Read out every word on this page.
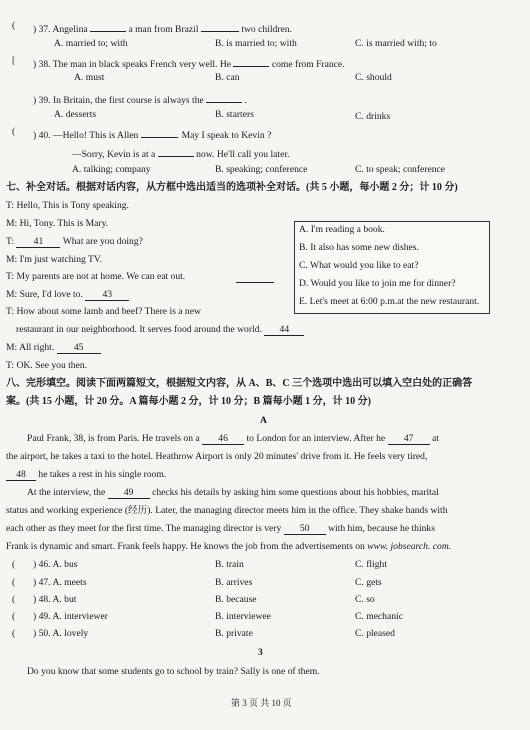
( ) 37. Angelina	a man from Brazil	two children.
A. married to; with	B. is married to; with	C. is married with; to
[ ) 38. The man in black speaks French very well. He	come from France.
A. must	B. can	C. should
) 39. In Britain, the first course is always the	.
A. desserts	B. starters	C. drinks
( ) 40. —Hello! This is Allen	. May I speak to Kevin ?
—Sorry, Kevin is at a	now. He'll call you later.
A. talking; company	B. speaking; conference	C. to speak; conference
七、补全对话。根据对话内容，从方框中选出适当的选项补全对话。(共 5 小题，每小题 2 分；计 10 分)
T: Hello, This is Tony speaking.
M: Hi, Tony. This is Mary.
T: 41 What are you doing?
M: I'm just watching TV.
T: My parents are not at home. We can eat out.
M: Sure, I'd love to. 43
T: How about some lamb and beef? There is a new
restaurant in our neighborhood. It serves food around the world. 44
M: All right. 45
T: OK. See you then.
A. I'm reading a book.
B. It also has some new dishes.
C. What would you like to eat?
D. Would you like to join me for dinner?
E. Let's meet at 6:00 p.m.at the new restaurant.
八、完形填空。阅读下面两篇短文，根据短文内容，从 A、B、C 三个选项中选出可以填入空白处的正确答
案。(共 15 小题，计 20 分。A 篇每小题 2 分，计 10 分；B 篇每小题 1 分，计 10 分)
A
Paul Frank, 38, is from Paris. He travels on a 46 to London for an interview. After he 47 at
the airport, he takes a taxi to the hotel. Heathrow Airport is only 20 minutes' drive from it. He feels very tired,
48 he takes a rest in his single room.
At the interview, the 49 checks his details by asking him some questions about his hobbies, marital
status and working experience (经历). Later, the managing director meets him in the office. They shake hands with
each other as they meet for the first time. The managing director is very 50 with him, because he thinks
Frank is dynamic and smart. Frank feels happy. He knows the job from the advertisements on www. jobsearch. com.
( ) 46. A. bus	B. train	C. flight
( ) 47. A. meets	B. arrives	C. gets
( ) 48. A. but	B. because	C. so
( ) 49. A. interviewer	B. interviewee	C. mechanic
( ) 50. A. lovely	B. private	C. pleased
3
Do you know that some students go to school by train? Sally is one of them.
第 3 页 共 10 页
